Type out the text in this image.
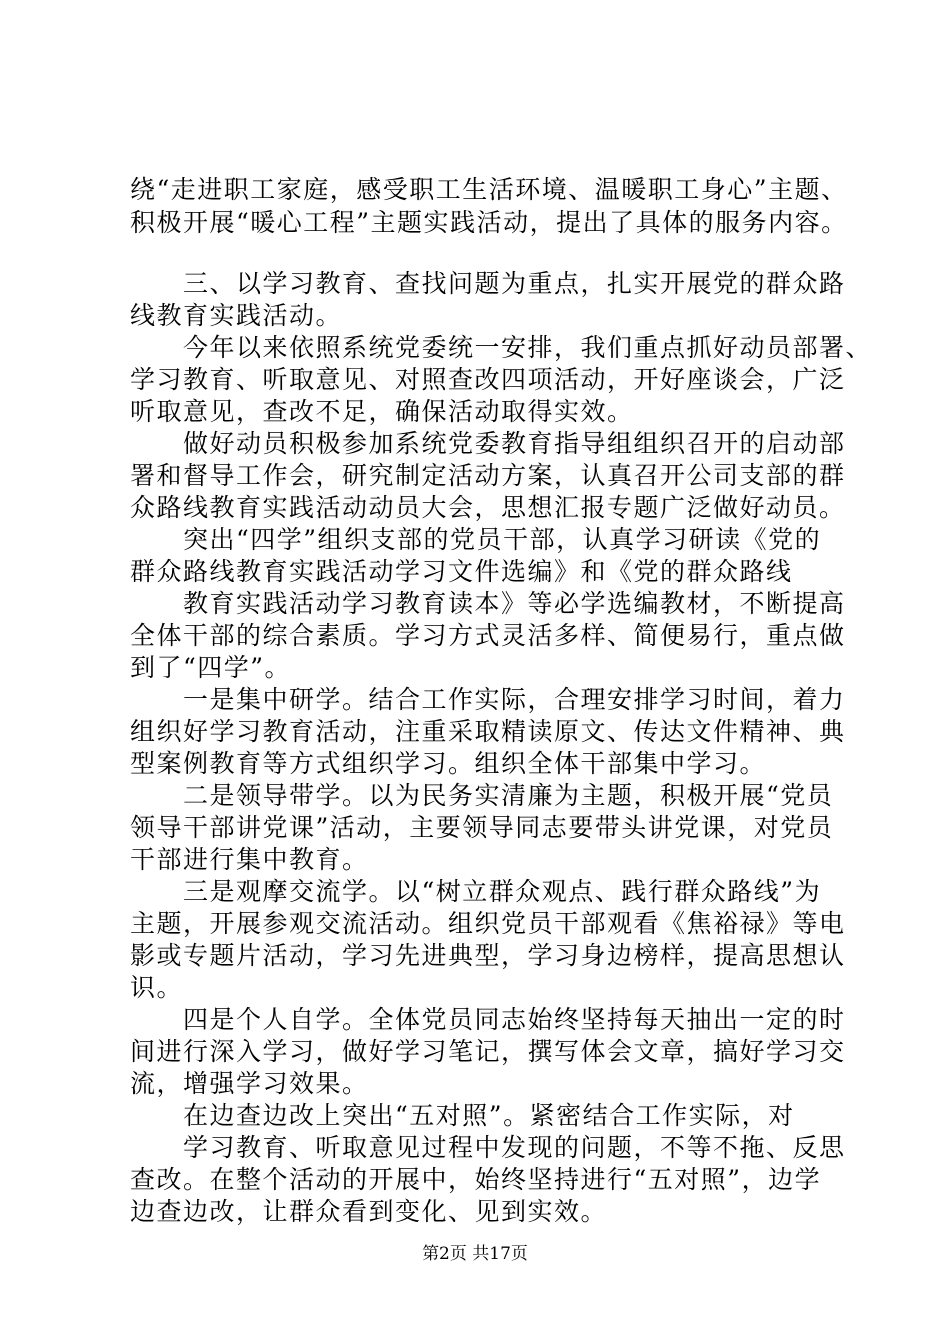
绕“走进职工家庭，感受职工生活环境、温暖职工身心”主题、
积极开展“暖心工程”主题实践活动，提出了具体的服务内容。
三、以学习教育、查找问题为重点，扎实开展党的群众路
线教育实践活动。
今年以来依照系统党委统一安排，我们重点抓好动员部署、
学习教育、听取意见、对照查改四项活动，开好座谈会，广泛
听取意见，查改不足，确保活动取得实效。
做好动员积极参加系统党委教育指导组组织召开的启动部
署和督导工作会，研究制定活动方案，认真召开公司支部的群
众路线教育实践活动动员大会，思想汇报专题广泛做好动员。
突出“四学”组织支部的党员干部，认真学习研读《党的
群众路线教育实践活动学习文件选编》和《党的群众路线
教育实践活动学习教育读本》等必学选编教材，不断提高
全体干部的综合素质。学习方式灵活多样、简便易行，重点做
到了“四学”。
一是集中研学。结合工作实际，合理安排学习时间，着力
组织好学习教育活动，注重采取精读原文、传达文件精神、典
型案例教育等方式组织学习。组织全体干部集中学习。
二是领导带学。以为民务实清廉为主题，积极开展“党员
领导干部讲党课”活动，主要领导同志要带头讲党课，对党员
干部进行集中教育。
三是观摩交流学。以“树立群众观点、践行群众路线”为
主题，开展参观交流活动。组织党员干部观看《焦裕禄》等电
影或专题片活动，学习先进典型，学习身边榜样，提高思想认
识。
四是个人自学。全体党员同志始终坚持每天抽出一定的时
间进行深入学习，做好学习笔记，撰写体会文章，搞好学习交
流，增强学习效果。
在边查边改上突出“五对照”。紧密结合工作实际，对
学习教育、听取意见过程中发现的问题，不等不拖、反思
查改。在整个活动的开展中，始终坚持进行“五对照”，边学
边查边改，让群众看到变化、见到实效。
第2页 共17页
